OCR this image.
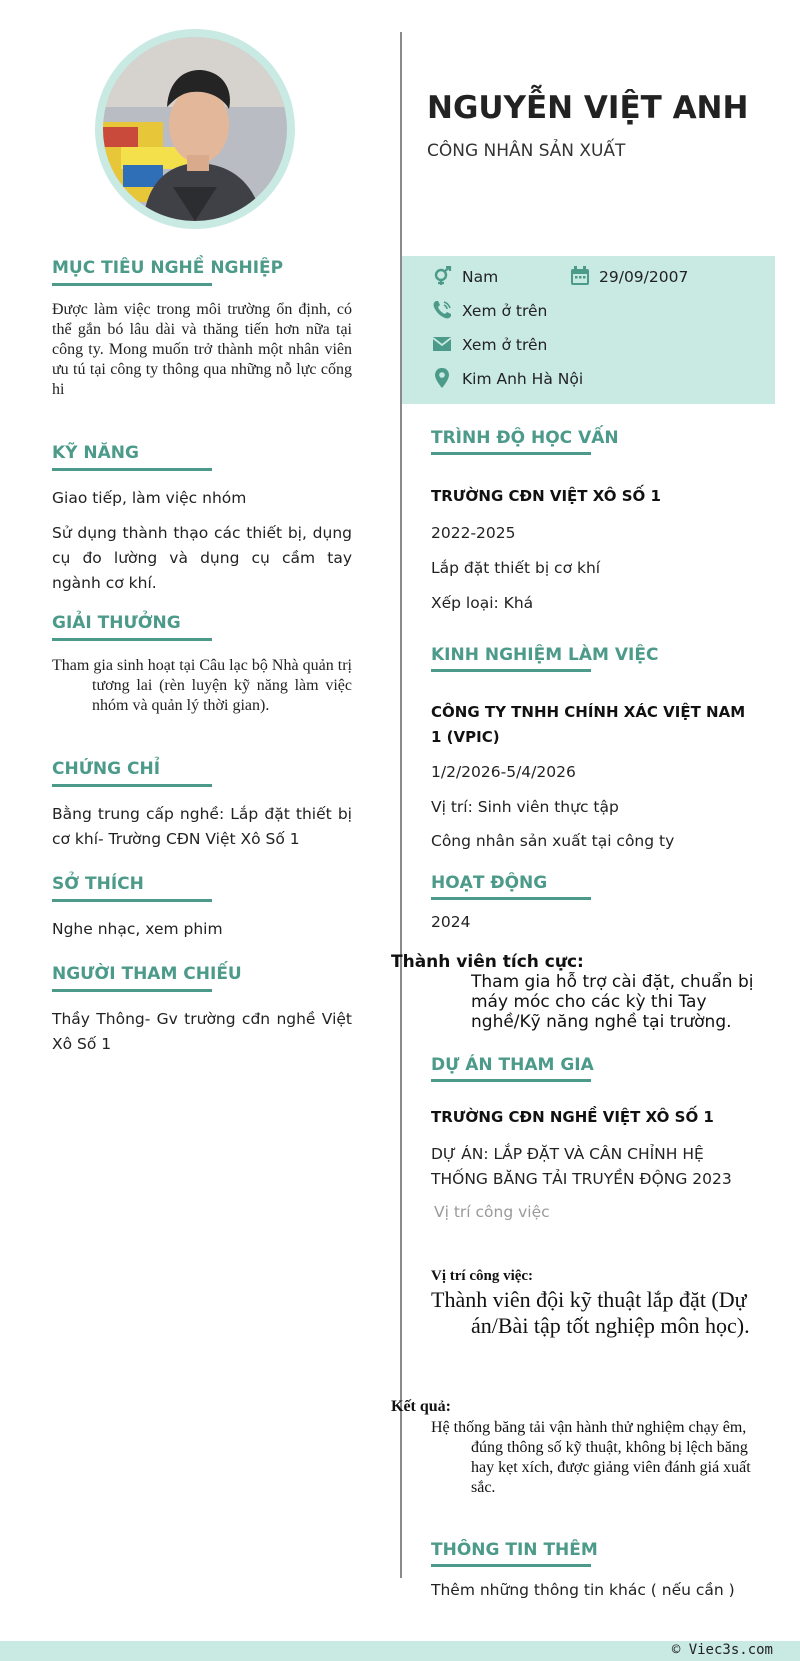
NGUYỄN VIỆT ANH
CÔNG NHÂN SẢN XUẤT
Nam	29/09/2007
Xem ở trên
Xem ở trên
Kim Anh Hà Nội
MỤC TIÊU NGHỀ NGHIỆP
Được làm việc trong môi trường ổn định, có thể gắn bó lâu dài và thăng tiến hơn nữa tại công ty. Mong muốn trở thành một nhân viên ưu tú tại công ty thông qua những nỗ lực cống hi
KỸ NĂNG
Giao tiếp, làm việc nhóm
Sử dụng thành thạo các thiết bị, dụng cụ đo lường và dụng cụ cầm tay ngành cơ khí.
GIẢI THƯỞNG
Tham gia sinh hoạt tại Câu lạc bộ Nhà quản trị tương lai (rèn luyện kỹ năng làm việc nhóm và quản lý thời gian).
CHỨNG CHỈ
Bằng trung cấp nghề: Lắp đặt thiết bị cơ khí- Trường CĐN Việt Xô Số 1
SỞ THÍCH
Nghe nhạc, xem phim
NGƯỜI THAM CHIẾU
Thầy Thông- Gv trường cđn nghề Việt Xô Số 1
TRÌNH ĐỘ HỌC VẤN
TRƯỜNG CĐN VIỆT XÔ SỐ 1
2022-2025
Lắp đặt thiết bị cơ khí
Xếp loại: Khá
KINH NGHIỆM LÀM VIỆC
CÔNG TY TNHH CHÍNH XÁC VIỆT NAM 1 (VPIC)
1/2/2026-5/4/2026
Vị trí: Sinh viên thực tập
Công nhân sản xuất tại công ty
HOẠT ĐỘNG
2024
Thành viên tích cực:
Tham gia hỗ trợ cài đặt, chuẩn bị máy móc cho các kỳ thi Tay nghề/Kỹ năng nghề tại trường.
DỰ ÁN THAM GIA
TRƯỜNG CĐN NGHỀ VIỆT XÔ SỐ 1
DỰ ÁN: LẮP ĐẶT VÀ CÂN CHỈNH HỆ THỐNG BĂNG TẢI TRUYỀN ĐỘNG 2023
Vị trí công việc
Vị trí công việc:
Thành viên đội kỹ thuật lắp đặt (Dự án/Bài tập tốt nghiệp môn học).
Kết quả:
Hệ thống băng tải vận hành thử nghiệm chạy êm, đúng thông số kỹ thuật, không bị lệch băng hay kẹt xích, được giảng viên đánh giá xuất sắc.
THÔNG TIN THÊM
Thêm những thông tin khác ( nếu cần )
© Viec3s.com
